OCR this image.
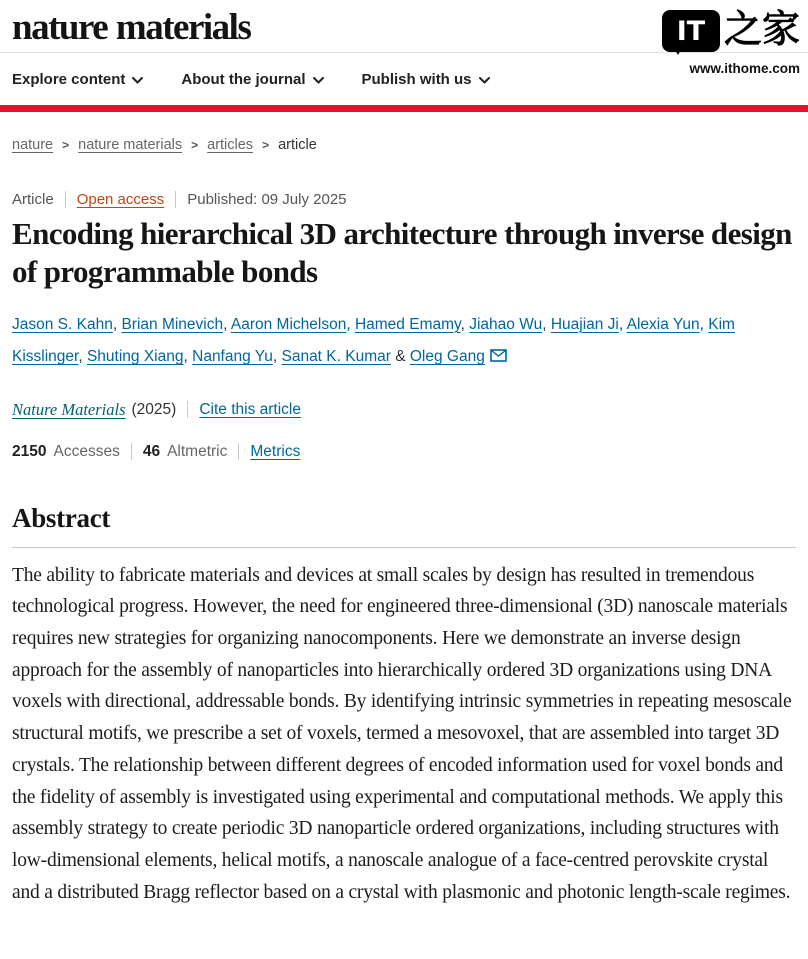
IT 之家
www.ithome.com
nature materials
Explore content	About the journal	Publish with us
nature > nature materials > articles > article
Article Open access Published: 09 July 2025
Encoding hierarchical 3D architecture through inverse design of programmable bonds

Jason S. Kahn, Brian Minevich, Aaron Michelson, Hamed Emamy, Jiahao Wu, Huajian Ji, Alexia Yun, Kim Kisslinger, Shuting Xiang, Nanfang Yu, Sanat K. Kumar & Oleg Gang

Nature Materials (2025) Cite this article
2150 Accesses 46 Altmetric Metrics
Abstract

The ability to fabricate materials and devices at small scales by design has resulted in tremendous technological progress. However, the need for engineered three-dimensional (3D) nanoscale materials requires new strategies for organizing nanocomponents. Here we demonstrate an inverse design approach for the assembly of nanoparticles into hierarchically ordered 3D organizations using DNA voxels with directional, addressable bonds. By identifying intrinsic symmetries in repeating mesoscale structural motifs, we prescribe a set of voxels, termed a mesovoxel, that are assembled into target 3D crystals. The relationship between different degrees of encoded information used for voxel bonds and the fidelity of assembly is investigated using experimental and computational methods. We apply this assembly strategy to create periodic 3D nanoparticle ordered organizations, including structures with low-dimensional elements, helical motifs, a nanoscale analogue of a face-centred perovskite crystal and a distributed Bragg reflector based on a crystal with plasmonic and photonic length-scale regimes.
